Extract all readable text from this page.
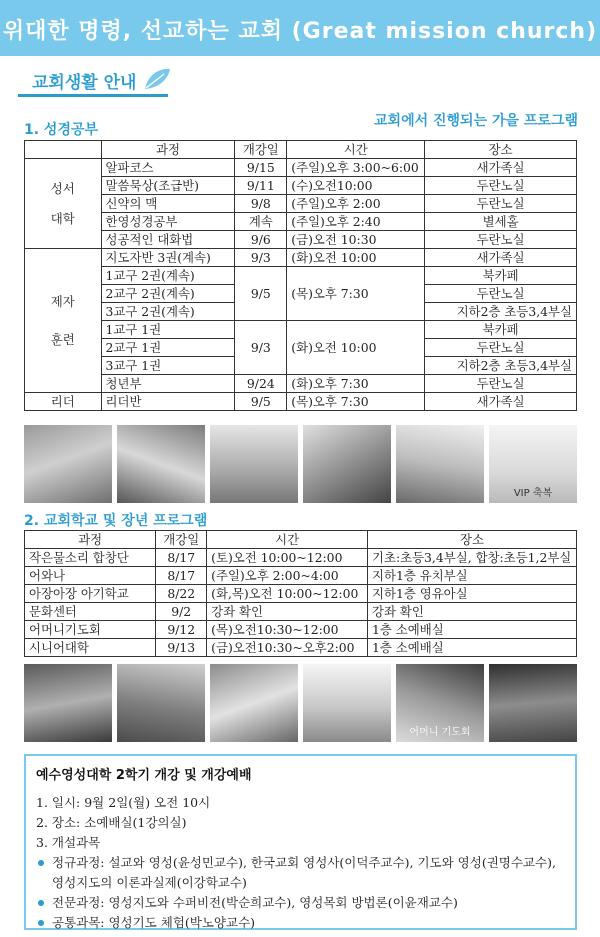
위대한 명령, 선교하는 교회 (Great mission church)
교회생활 안내
1. 성경공부
교회에서 진행되는 가을 프로그램
	과정	개강일	시간	장소

성서
대학	알파코스	9/15	(주일)오후 3:00~6:00	새가족실
	말씀묵상(조급반)	9/11	(수)오전10:00	두란노실
	신약의 맥	9/8	(주일)오후 2:00	두란노실
	한영성경공부	계속	(주일)오후 2:40	별세홀
	성공적인 대화법	9/6	(금)오전 10:30	두란노실

제자
훈련	지도자반 3권(계속)	9/3	(화)오전 10:00	새가족실
	1교구 2권(계속)	9/5	(목)오후 7:30	북카페
	2교구 2권(계속)			두란노실
	3교구 2권(계속)			지하2층 초등3,4부실
	1교구 1권	9/3	(화)오전 10:00	북카페
	2교구 1권			두란노실
	3교구 1권			지하2층 초등3,4부실
	청년부	9/24	(화)오후 7:30	두란노실
리더	리더반	9/5	(목)오후 7:30	새가족실
VIP 축복
2. 교회학교 및 장년 프로그램
과정	개강일	시간	장소
작은물소리 합창단	8/17	(토)오전 10:00~12:00	기초:초등3,4부실, 합창:초등1,2부실
어와나	8/17	(주일)오후 2:00~4:00	지하1층 유치부실
아장아장 아기학교	8/22	(화,목)오전 10:00~12:00	지하1층 영유아실
문화센터	9/2	강좌 확인	강좌 확인
어머니기도회	9/12	(목)오전10:30~12:00	1층 소예배실
시니어대학	9/13	(금)오전10:30~오후2:00	1층 소예배실
어머니 기도회
예수영성대학 2학기 개강 및 개강예배
1. 일시: 9월 2일(월) 오전 10시
2. 장소: 소예배실(1강의실)
3. 개설과목
정규과정: 설교와 영성(윤성민교수), 한국교회 영성사(이덕주교수), 기도와 영성(권명수교수),
영성지도의 이론과실제(이강학교수)
전문과정: 영성지도와 수퍼비전(박순희교수), 영성목회 방법론(이윤재교수)
공통과목: 영성기도 체험(박노양교수)
